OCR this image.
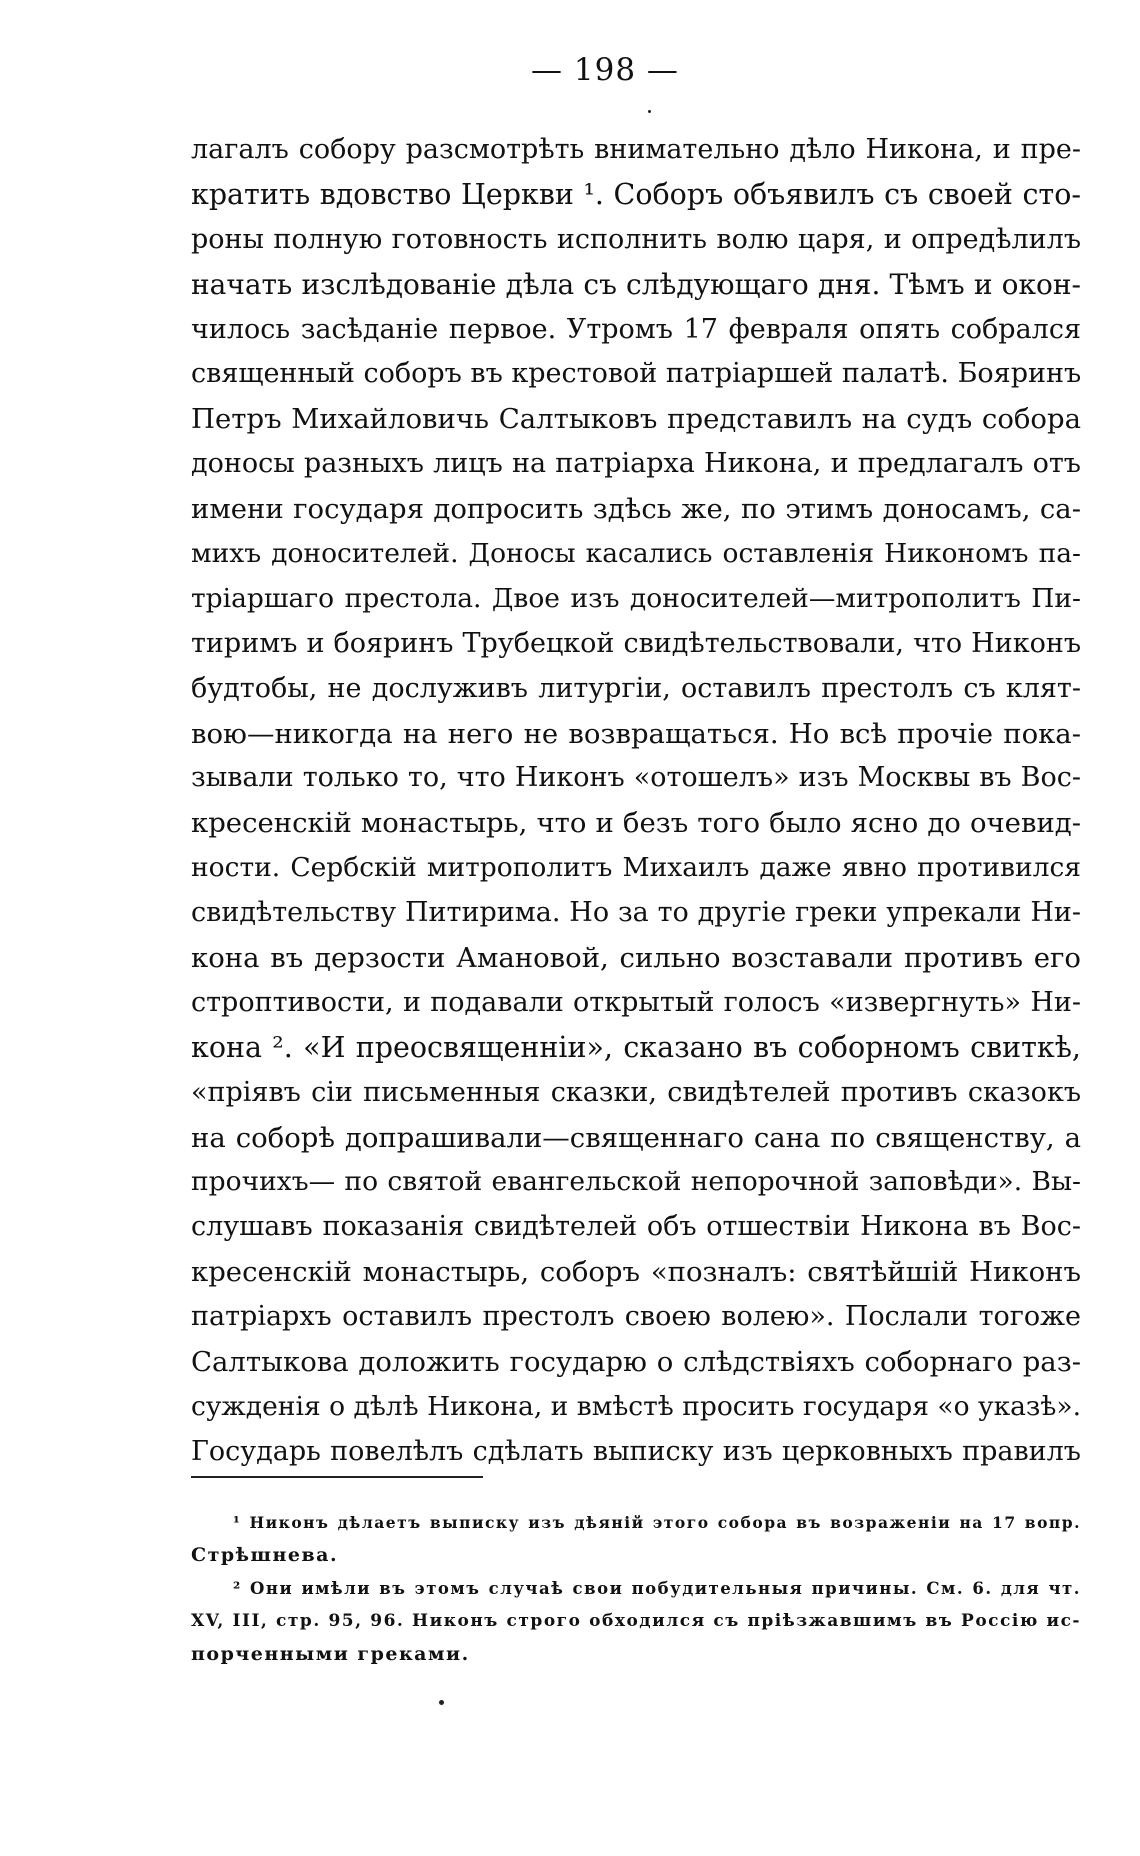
— 198 —
лагалъ собору разсмотрѣть внимательно дѣло Никона, и пре-
кратить вдовство Церкви ¹. Соборъ объявилъ съ своей сто-
роны полную готовность исполнить волю царя, и опредѣлилъ
начать изслѣдованіе дѣла съ слѣдующаго дня. Тѣмъ и окон-
чилось засѣданіе первое. Утромъ 17 февраля опять собрался
священный соборъ въ крестовой патріаршей палатѣ. Бояринъ
Петръ Михайловичь Салтыковъ представилъ на судъ собора
доносы разныхъ лицъ на патріарха Никона, и предлагалъ отъ
имени государя допросить здѣсь же, по этимъ доносамъ, са-
михъ доносителей. Доносы касались оставленія Никономъ па-
тріаршаго престола. Двое изъ доносителей—митрополитъ Пи-
тиримъ и бояринъ Трубецкой свидѣтельствовали, что Никонъ
будтобы, не дослуживъ литургіи, оставилъ престолъ съ клят-
вою—никогда на него не возвращаться. Но всѣ прочіе пока-
зывали только то, что Никонъ «отошелъ» изъ Москвы въ Вос-
кресенскій монастырь, что и безъ того было ясно до очевид-
ности. Сербскій митрополитъ Михаилъ даже явно противился
свидѣтельству Питирима. Но за то другіе греки упрекали Ни-
кона въ дерзости Амановой, сильно возставали противъ его
строптивости, и подавали открытый голосъ «извергнуть» Ни-
кона ². «И преосвященніи», сказано въ соборномъ свиткѣ,
«пріявъ сіи письменныя сказки, свидѣтелей противъ сказокъ
на соборѣ допрашивали—священнаго сана по священству, а
прочихъ— по святой евангельской непорочной заповѣди». Вы-
слушавъ показанія свидѣтелей объ отшествіи Никона въ Вос-
кресенскій монастырь, соборъ «позналъ: святѣйшій Никонъ
патріархъ оставилъ престолъ своею волею». Послали тогоже
Салтыкова доложить государю о слѣдствіяхъ соборнаго раз-
сужденія о дѣлѣ Никона, и вмѣстѣ просить государя «о указѣ».
Государь повелѣлъ сдѣлать выписку изъ церковныхъ правилъ
¹ Никонъ дѣлаетъ выписку изъ дѣяній этого собора въ возраженіи на 17 вопр.
Стрѣшнева.
² Они имѣли въ этомъ случаѣ свои побудительныя причины. См. 6. для чт.
XV, III, стр. 95, 96. Никонъ строго обходился съ пріѣзжавшимъ въ Россію ис-
порченными греками.
